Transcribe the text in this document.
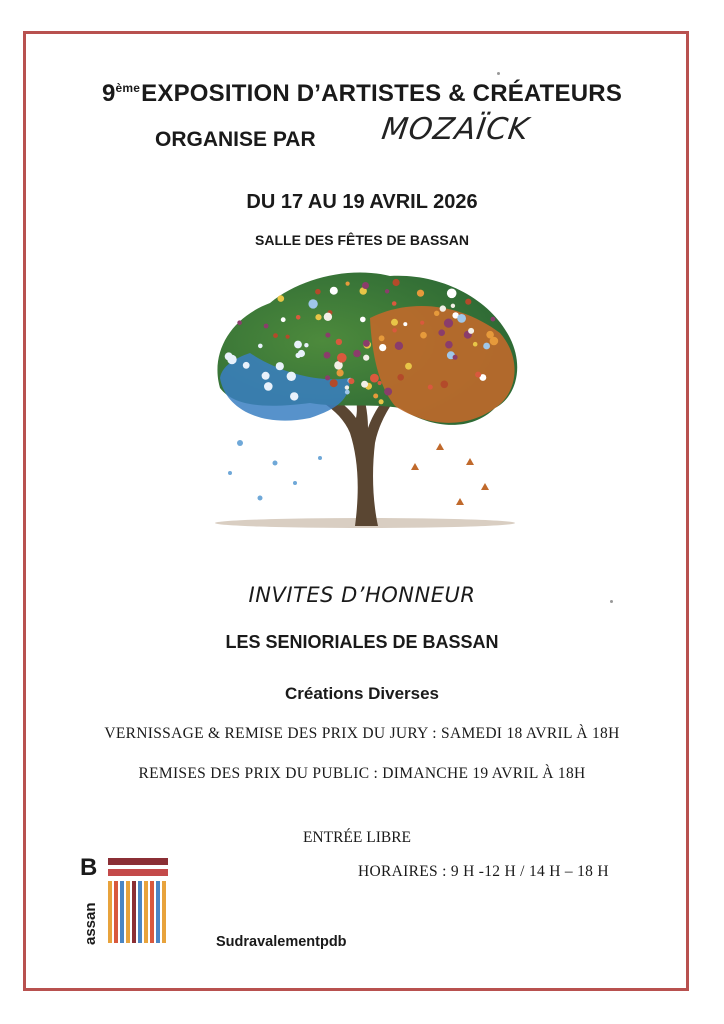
9èmeEXPOSITION D’ARTISTES & CRÉATEURS
ORGANISE PAR MOZAÏCK
DU 17 AU 19 AVRIL 2026
SALLE DES FÊTES DE BASSAN
INVITES D’HONNEUR
LES SENIORIALES DE BASSAN
Créations Diverses
VERNISSAGE & REMISE DES PRIX DU JURY : SAMEDI 18 AVRIL À 18H
REMISES DES PRIX DU PUBLIC : DIMANCHE 19 AVRIL À 18H
ENTRÉE LIBRE
HORAIRES : 9 H -12 H / 14 H – 18 H
B
assan	Sudravalementpdb
